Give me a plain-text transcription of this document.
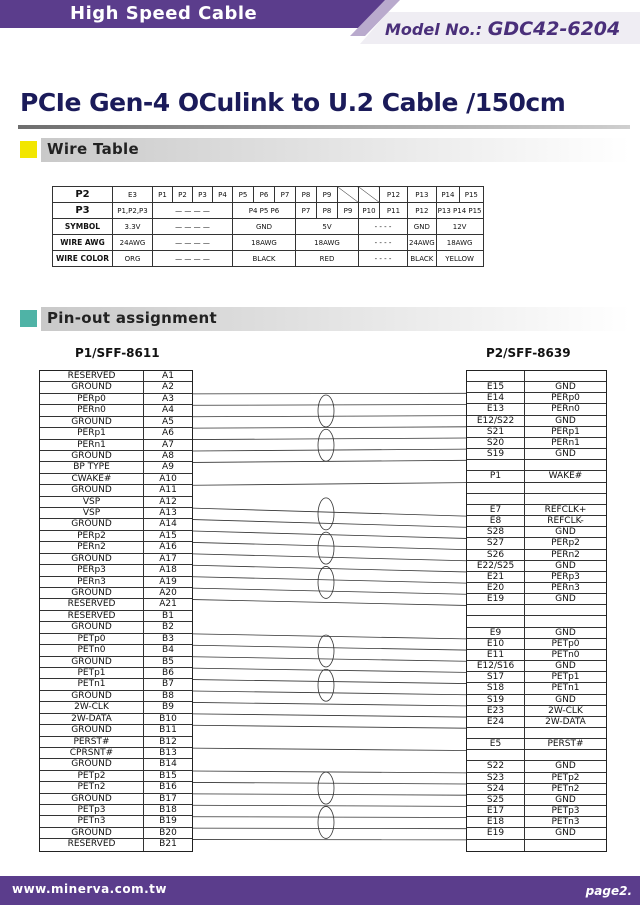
High Speed Cable
Model No.: GDC42-6204
PCIe Gen-4 OCulink to U.2 Cable /150cm
Wire Table
P2	E3	P1	P2	P3	P4	P5	P6	P7	P8	P9			P12	P13	P14	P15
P3	P1,P2,P3	— — — —				P4 P5 P6			P7	P8	P9	P10	P11	P12	P13 P14 P15	
SYMBOL	3.3V	— — — —				GND			5V			- - - -		GND	12V	
WIRE AWG	24AWG	— — — —				18AWG			18AWG			- - - -		24AWG	18AWG	
WIRE COLOR	ORG	— — — —				BLACK			RED			- - - -		BLACK	YELLOW	
Pin-out assignment
P1/SFF-8611	P2/SFF-8639
RESERVED	A1
GROUND	A2
PERp0	A3
PERn0	A4
GROUND	A5
PERp1	A6
PERn1	A7
GROUND	A8
BP TYPE	A9
CWAKE#	A10
GROUND	A11
VSP	A12
VSP	A13
GROUND	A14
PERp2	A15
PERn2	A16
GROUND	A17
PERp3	A18
PERn3	A19
GROUND	A20
RESERVED	A21
RESERVED	B1
GROUND	B2
PETp0	B3
PETn0	B4
GROUND	B5
PETp1	B6
PETn1	B7
GROUND	B8
2W-CLK	B9
2W-DATA	B10
GROUND	B11
PERST#	B12
CPRSNT#	B13
GROUND	B14
PETp2	B15
PETn2	B16
GROUND	B17
PETp3	B18
PETn3	B19
GROUND	B20
RESERVED	B21
E15	GND
E14	PERp0
E13	PERn0
E12/S22	GND
S21	PERp1
S20	PERn1
S19	GND
P1	WAKE#
E7	REFCLK+
E8	REFCLK-
S28	GND
S27	PERp2
S26	PERn2
E22/S25	GND
E21	PERp3
E20	PERn3
E19	GND
E9	GND
E10	PETp0
E11	PETn0
E12/S16	GND
S17	PETp1
S18	PETn1
S19	GND
E23	2W-CLK
E24	2W-DATA
E5	PERST#
S22	GND
S23	PETp2
S24	PETn2
S25	GND
E17	PETp3
E18	PETn3
E19	GND
www.minerva.com.tw	page2.
